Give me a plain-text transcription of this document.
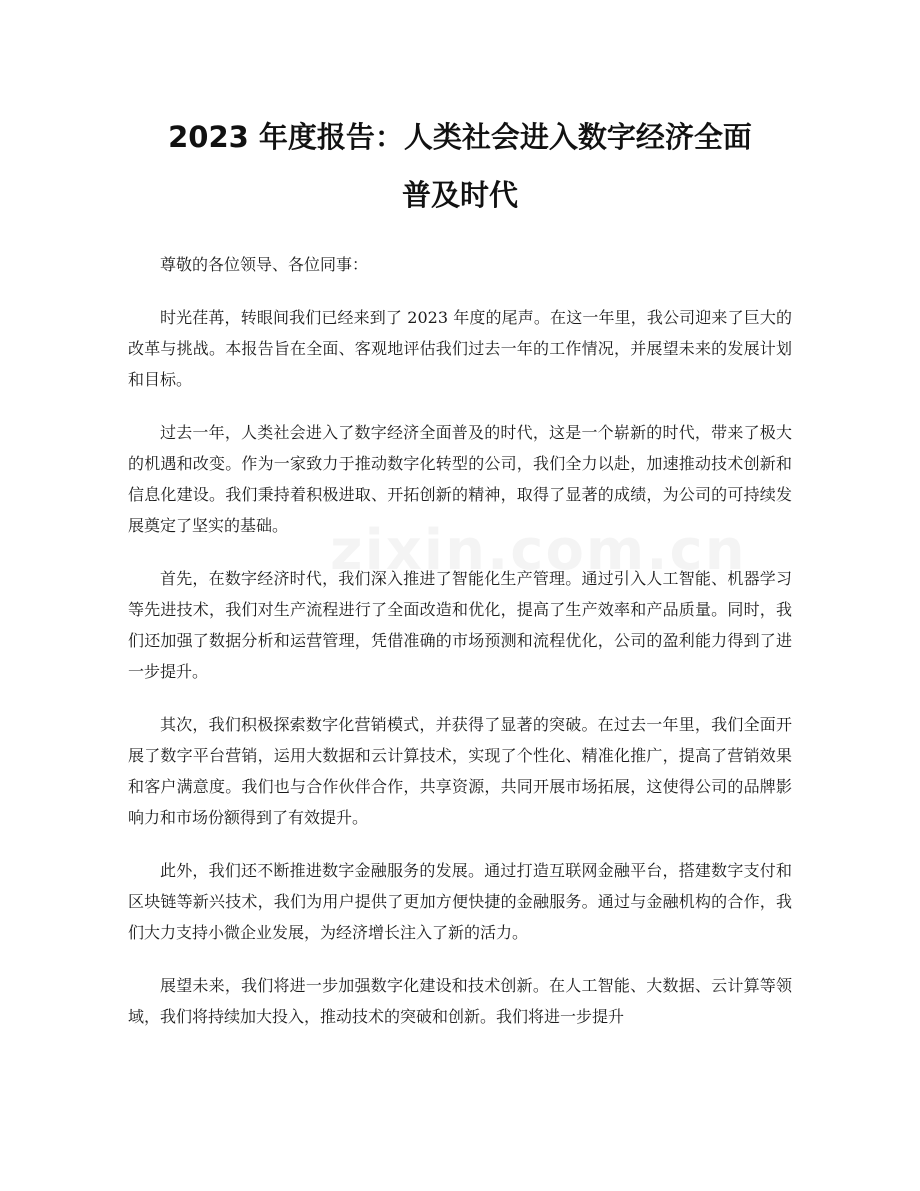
2023 年度报告：人类社会进入数字经济全面
普及时代

尊敬的各位领导、各位同事：

时光荏苒，转眼间我们已经来到了 2023 年度的尾声。在这一年里，我公司迎来了巨大的改革与挑战。本报告旨在全面、客观地评估我们过去一年的工作情况，并展望未来的发展计划和目标。

过去一年，人类社会进入了数字经济全面普及的时代，这是一个崭新的时代，带来了极大的机遇和改变。作为一家致力于推动数字化转型的公司，我们全力以赴，加速推动技术创新和信息化建设。我们秉持着积极进取、开拓创新的精神，取得了显著的成绩，为公司的可持续发展奠定了坚实的基础。

首先，在数字经济时代，我们深入推进了智能化生产管理。通过引入人工智能、机器学习等先进技术，我们对生产流程进行了全面改造和优化，提高了生产效率和产品质量。同时，我们还加强了数据分析和运营管理，凭借准确的市场预测和流程优化，公司的盈利能力得到了进一步提升。

其次，我们积极探索数字化营销模式，并获得了显著的突破。在过去一年里，我们全面开展了数字平台营销，运用大数据和云计算技术，实现了个性化、精准化推广，提高了营销效果和客户满意度。我们也与合作伙伴合作，共享资源，共同开展市场拓展，这使得公司的品牌影响力和市场份额得到了有效提升。

此外，我们还不断推进数字金融服务的发展。通过打造互联网金融平台，搭建数字支付和区块链等新兴技术，我们为用户提供了更加方便快捷的金融服务。通过与金融机构的合作，我们大力支持小微企业发展，为经济增长注入了新的活力。

展望未来，我们将进一步加强数字化建设和技术创新。在人工智能、大数据、云计算等领域，我们将持续加大投入，推动技术的突破和创新。我们将进一步提升
